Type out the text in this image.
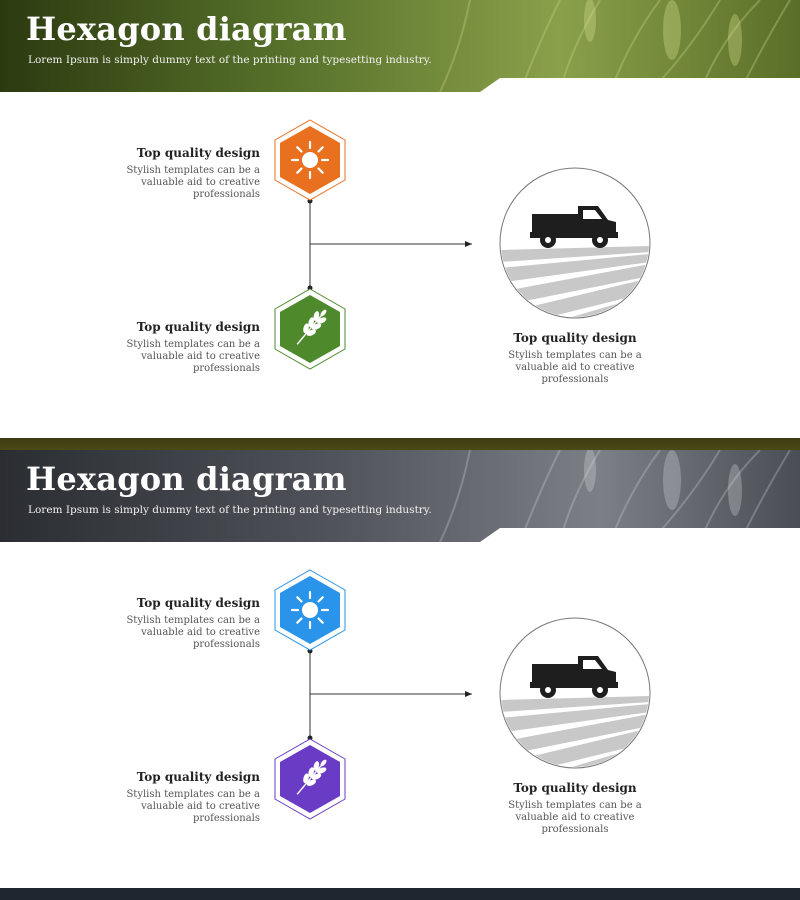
Hexagon diagram

Lorem Ipsum is simply dummy text of the printing and typesetting industry.

Top quality design

Stylish templates can be a
valuable aid to creative
professionals

Top quality design

Stylish templates can be a
valuable aid to creative
professionals

Top quality design

Stylish templates can be a
valuable aid to creative
professionals

Hexagon diagram

Lorem Ipsum is simply dummy text of the printing and typesetting industry.

Top quality design

Stylish templates can be a
valuable aid to creative
professionals

Top quality design

Stylish templates can be a
valuable aid to creative
professionals

Top quality design

Stylish templates can be a
valuable aid to creative
professionals
